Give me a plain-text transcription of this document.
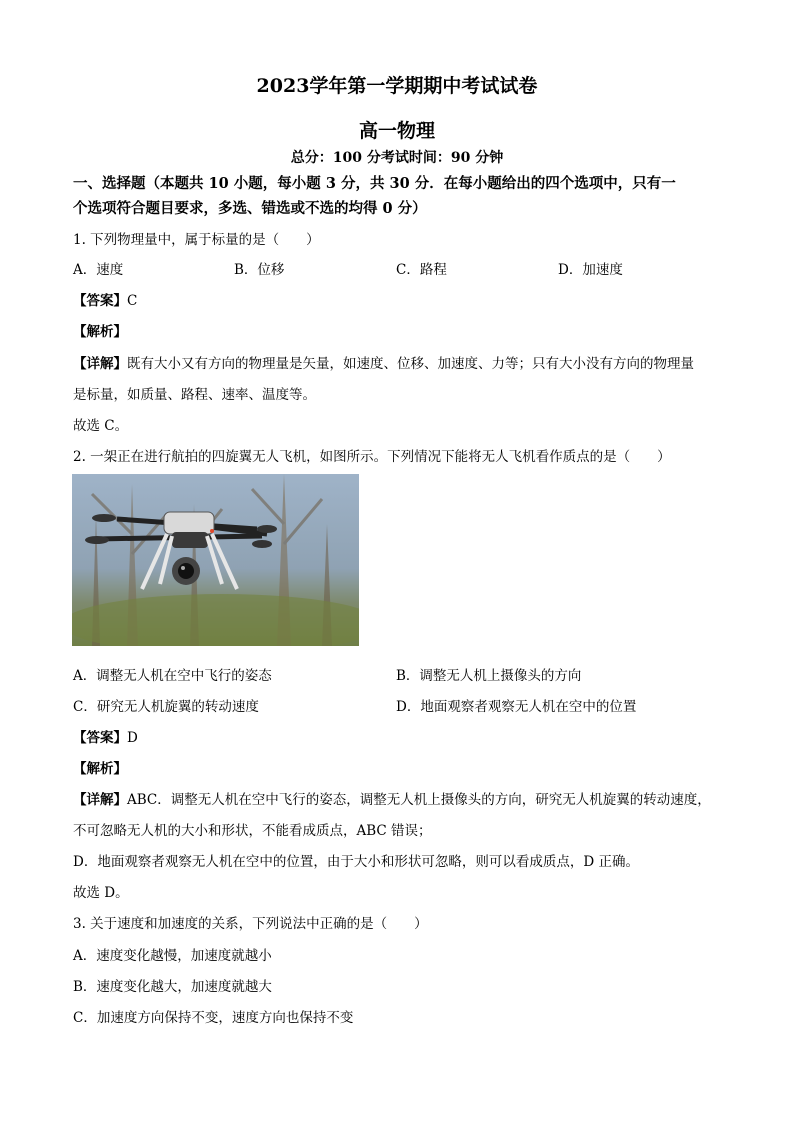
2023学年第一学期期中考试试卷
高一物理
总分：100 分考试时间：90 分钟
一、选择题（本题共 10 小题，每小题 3 分，共 30 分．在每小题给出的四个选项中，只有一
个选项符合题目要求，多选、错选或不选的均得 0 分）
1. 下列物理量中，属于标量的是（　　）
A．速度	B．位移	C．路程	D．加速度
【答案】C
【解析】
【详解】既有大小又有方向的物理量是矢量，如速度、位移、加速度、力等；只有大小没有方向的物理量
是标量，如质量、路程、速率、温度等。
故选 C。
2. 一架正在进行航拍的四旋翼无人飞机，如图所示。下列情况下能将无人飞机看作质点的是（　　）
A．调整无人机在空中飞行的姿态	B．调整无人机上摄像头的方向
C．研究无人机旋翼的转动速度	D．地面观察者观察无人机在空中的位置
【答案】D
【解析】
【详解】ABC．调整无人机在空中飞行的姿态，调整无人机上摄像头的方向，研究无人机旋翼的转动速度，
不可忽略无人机的大小和形状，不能看成质点，ABC 错误；
D．地面观察者观察无人机在空中的位置，由于大小和形状可忽略，则可以看成质点，D 正确。
故选 D。
3. 关于速度和加速度的关系，下列说法中正确的是（　　）
A．速度变化越慢，加速度就越小
B．速度变化越大，加速度就越大
C．加速度方向保持不变，速度方向也保持不变
